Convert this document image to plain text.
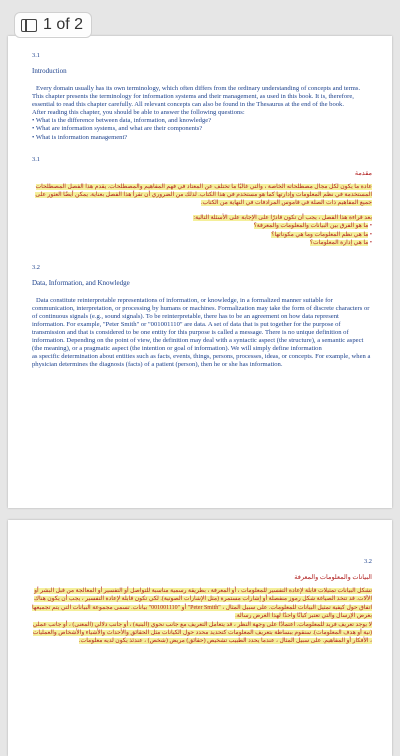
1 of 2

3.1

Introduction

Every domain usually has its own terminology, which often differs from the ordinary understanding of concepts and terms. This chapter presents the terminology for information systems and their management, as used in this book. It is, therefore, essential to read this chapter carefully. All relevant concepts can also be found in the Thesaurus at the end of the book.

After reading this chapter, you should be able to answer the following questions:

• What is the difference between data, information, and knowledge?
• What are information systems, and what are their components?
• What is information management?

3.1

مقدمة

عادة ما يكون لكل مجال مصطلحاته الخاصة ، والتي غالبًا ما تختلف عن المعتاد في فهم المفاهيم والمصطلحات. يقدم هذا الفصل المصطلحات المستخدمة في نظم المعلومات وإدارتها كما هو مستخدم في هذا الكتاب. لذلك من الضروري أن تقرأ هذا الفصل بعناية. يمكن أيضًا العثور على جميع المفاهيم ذات الصلة في قاموس المرادفات في النهاية من الكتاب.

بعد قراءة هذا الفصل ، يجب أن تكون قادرًا على الإجابة على الأسئلة التالية:

• ما هو الفرق بين البيانات والمعلومات والمعرفة؟
• ما هي نظم المعلومات وما هي مكوناتها؟
• ما هي إدارة المعلومات؟

3.2

Data, Information, and Knowledge

Data constitute reinterpretable representations of information, or knowledge, in a formalized manner suitable for communication, interpretation, or processing by humans or machines. Formalization may take the form of discrete characters or of continuous signals (e.g., sound signals). To be reinterpretable, there has to be an agreement on how data represent information. For example, "Peter Smith" or "001001110" are data. A set of data that is put together for the purpose of transmission and that is considered to be one entity for this purpose is called a message. There is no unique definition of information. Depending on the point of view, the definition may deal with a syntactic aspect (the structure), a semantic aspect (the meaning), or a pragmatic aspect (the intention or goal of information). We will simply define information

as specific determination about entities such as facts, events, things, persons, processes, ideas, or concepts. For example, when a physician determines the diagnosis (facts) of a patient (person), then he or she has information.

3.2

البيانات والمعلومات والمعرفة

تشكل البيانات تمثيلات قابلة لإعادة التفسير للمعلومات ، أو المعرفة ، بطريقة رسمية مناسبة للتواصل أو التفسير أو المعالجة من قبل البشر أو الآلات. قد تتخذ الصياغة شكل رموز منفصلة أو إشارات مستمرة (مثل الإشارات الصوتية). لكي تكون قابلة لإعادة التفسير ، يجب أن يكون هناك اتفاق حول كيفية تمثيل البيانات للمعلومات. على سبيل المثال ، "Peter Smith" أو "001001110" بيانات. تسمى مجموعة البيانات التي يتم تجميعها بغرض الإرسال والتي تعتبر كيانًا واحدًا لهذا الغرض رسالة.

لا يوجد تعريف فريد للمعلومات. اعتمادًا على وجهة النظر ، قد يتعامل التعريف مع جانب نحوي (البنية) ، أو جانب دلالي (المعنى) ، أو جانب عملي (نية أو هدف المعلومات). سنقوم ببساطة بتعريف المعلومات كتحديد محدد حول الكيانات مثل الحقائق والأحداث والأشياء والأشخاص والعمليات ، الأفكار أو المفاهيم. على سبيل المثال ، عندما يحدد الطبيب تشخيص (حقائق) مريض (شخص) ، عندئذ يكون لديه معلومات.
